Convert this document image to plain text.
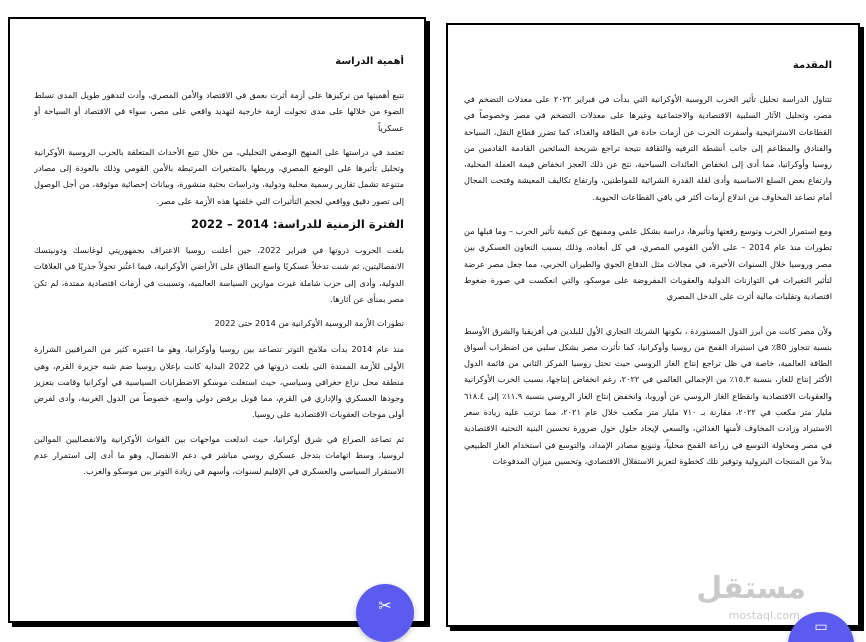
أهمية الدراسة

تتبع أهميتها من تركيزها على أزمة أثرت بعمق في الاقتصاد والأمن المصري، وأدت لتدهور طويل المدى تسلط الضوء من خلالها على مدى تحولت أزمة خارجية لتهديد واقعي على مصر، سواء في الاقتصاد أو السياحة أو عسكرياً

تعتمد في دراستها على المنهج الوصفي التحليلي، من خلال تتبع الأحداث المتعلقة بالحرب الروسية الأوكرانية وتحليل تأثيرها على الوضع المصري، وربطها بالمتغيرات المرتبطة بالأمن القومي وذلك بالعودة إلى مصادر متنوعة تشمل تقارير رسمية محلية ودولية، ودراسات بحثية منشورة، وبيانات إحصائية موثوقة، من أجل الوصول إلى تصور دقيق وواقعي لحجم التأثيرات التي خلفتها هذه الأزمة على مصر.

الفترة الزمنية للدراسة: 2014 – 2022

بلغت الحروب ذروتها في فبراير 2022، حين أعلنت روسيا الاعتراف بجمهوريتي لوغانسك ودونيتسك الانفصاليتين، ثم شنت تدخلاً عسكريًا واسع النطاق على الأراضي الأوكرانية، فيما اعتُبر تحولاً جذريًا في العلاقات الدولية، وأدى إلى حرب شاملة غيرت موازين السياسة العالمية، وتسببت في أزمات اقتصادية ممتدة، لم تكن مصر بمنأى عن آثارها.

تطورات الأزمة الروسية الأوكرانية من 2014 حتى 2022

منذ عام 2014 بدأت ملامح التوتر تتصاعد بين روسيا وأوكرانيا، وهو ما اعتبره كثير من المراقبين الشرارة الأولى للأزمة الممتدة التي بلغت ذروتها في 2022 البداية كانت بإعلان روسيا ضم شبه جزيرة القرم، وهي منطقة محل نزاع جغرافي وسياسي، حيث استغلت موسكو الاضطرابات السياسية في أوكرانيا وقامت بتعزيز وجودها العسكري والإداري في القرم، مما قوبل برفض دولي واسع، خصوصاً من الدول الغربية، وأدى لفرض أولى موجات العقوبات الاقتصادية على روسيا.

ثم تصاعد الصراع في شرق أوكرانيا، حيث اندلعت مواجهات بين القوات الأوكرانية والانفصاليين الموالين لروسيا، وسط اتهامات بتدخل عسكري روسي مباشر في دعم الانفصال، وهو ما أدى إلى استمرار عدم الاستقرار السياسي والعسكري في الإقليم لسنوات، وأسهم في زيادة التوتر بين موسكو والغرب.

المقدمة

تتناول الدراسة تحليل تأثير الحرب الروسية الأوكرانية التي بدأت في فبراير ٢٠٢٢ على معدلات التضخم في مصر، وتحليل الآثار السلبية الاقتصادية والاجتماعية وغيرها على معدلات التضخم في مصر وخصوصاً في القطاعات الاستراتيجية وأسفرت الحرب عن أزمات حادة في الطاقة والغذاء، كما تضرر قطاع النقل، السياحة والفنادق والمطاعم إلى جانب أنشطة الترفيه والثقافة نتيجة تراجع شريحة السائحين القادمة القادمين من روسيا وأوكرانيا، مما أدى إلى انخفاض العائدات السياحية، نتج عن ذلك العجز انخفاض قيمة العملة المحلية، وارتفاع بعض السلع الاساسية وأدى لقلة القدرة الشرائية للمواطنين، وارتفاع تكاليف المعيشة وفتحت المجال أمام تصاعد المخاوف من اندلاع أزمات أكثر في باقي القطاعات الحيوية.

ومع استمرار الحرب وتوسع رقعتها وتأثيرها، دراسة بشكل علمي وممنهج عن كيفية تأثير الحرب – وما قبلها من تطورات منذ عام 2014 – على الأمن القومي المصري، في كل أبعاده، وذلك بسبب التعاون العسكري بين مصر وروسيا خلال السنوات الأخيرة، في مجالات مثل الدفاع الجوي والطيران الحربي، مما جعل مصر عرضة لتأثير التغيرات في التوازنات الدولية والعقوبات المفروضة على موسكو، والتي انعكست في صورة ضغوط اقتصادية وتقلبات مالية أثرت على الدخل المصري

ولأن مصر كانت من أبرز الدول المستوردة ، بكونها الشريك التجاري الأول للبلدين في أفريقيا والشرق الأوسط بنسبة تتجاوز 80٪ في استيراد القمح من روسيا وأوكرانيا، كما تأثرت مصر بشكل سلبي من اضطراب أسواق الطاقة العالمية، خاصة في ظل تراجع إنتاج الغاز الروسي حيث تحتل روسيا المركز الثاني من قائمة الدول الأكثر إنتاج للغاز، بنسبة ١٥.٣٪ من الإجمالي العالمي في ٢٠٢٢، رغم انخفاض إنتاجها، بسبب الحرب الأوكرانية والعقوبات الاقتصادية وانقطاع الغاز الروسي عن أوروبا، وانخفض إنتاج الغاز الروسي بنسبة ١١.٩٪ إلى ٦١٨.٤ مليار متر مكعب في ٢٠٢٢، مقارنة بـ ٧١٠ مليار متر مكعب خلال عام ٢٠٢١، مما ترتب عليه زيادة سعر الاستيراد وزادت المخاوف لأمنها الغذائي، والسعي لإيجاد حلول حول ضرورة تحسين البنية التحتية الاقتصادية في مصر ومحاولة التوسع في زراعة القمح محلياً، وتنويع مصادر الإمداد، والتوسع في استخدام الغاز الطبيعي بدلاً من المنتجات البترولية وتوفير تلك كخطوة لتعزيز الاستقلال الاقتصادي، وتحسين ميزان المدفوعات

مستقل
mostaql.com
✂
▭
